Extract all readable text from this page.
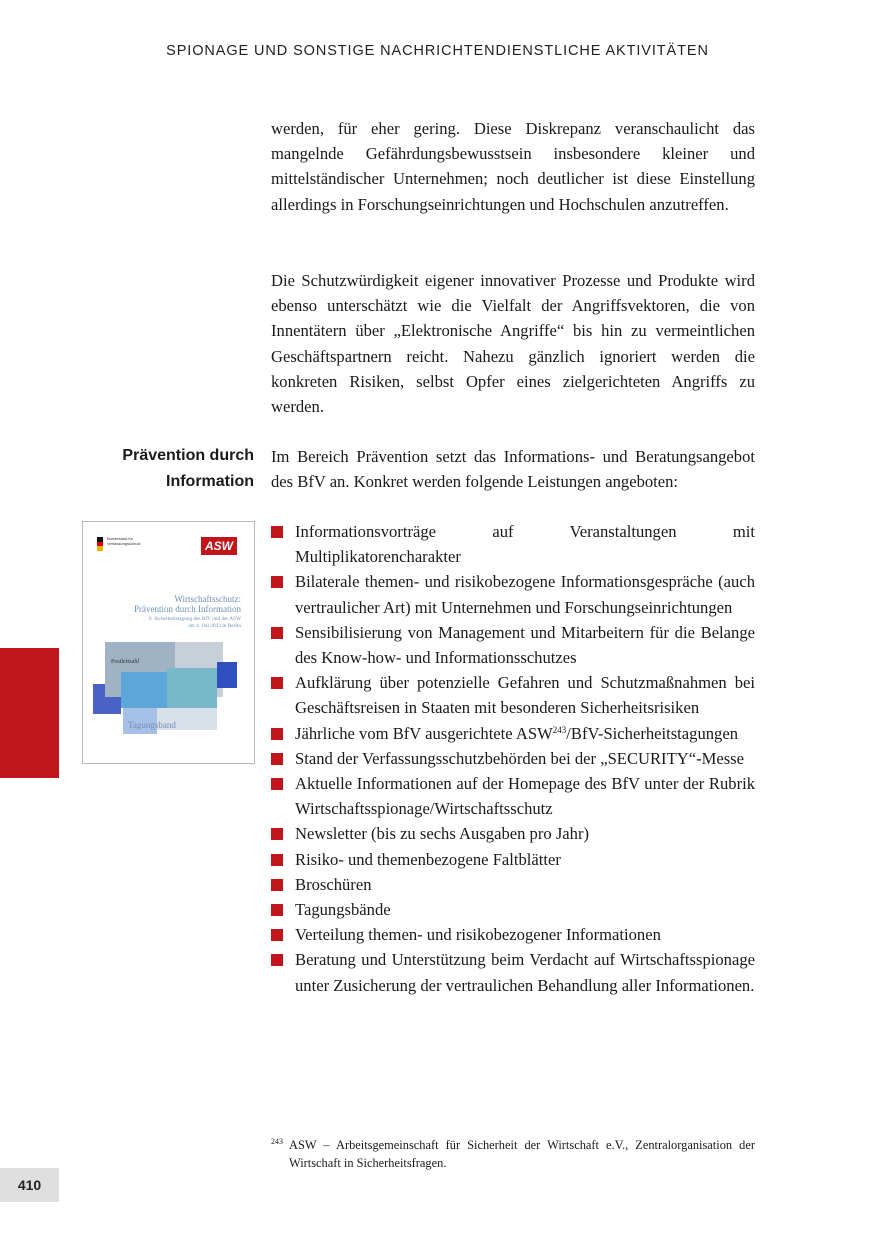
SPIONAGE UND SONSTIGE NACHRICHTENDIENSTLICHE AKTIVITÄTEN

werden, für eher gering. Diese Diskrepanz veranschaulicht das mangelnde Gefährdungsbewusstsein insbesondere kleiner und mittelständischer Unternehmen; noch deutlicher ist diese Einstellung allerdings in Forschungseinrichtungen und Hochschulen anzutreffen.

Die Schutzwürdigkeit eigener innovativer Prozesse und Produkte wird ebenso unterschätzt wie die Vielfalt der Angriffsvektoren, die von Innentätern über „Elektronische Angriffe“ bis hin zu vermeintlichen Geschäftspartnern reicht. Nahezu gänzlich ignoriert werden die konkreten Risiken, selbst Opfer eines zielgerichteten Angriffs zu werden.

Prävention durch
Information

Im Bereich Prävention setzt das Informations- und Beratungsangebot des BfV an. Konkret werden folgende Leistungen angeboten:

Informationsvorträge auf Veranstaltungen mit Multiplikatorencharakter
Bilaterale themen- und risikobezogene Informationsgespräche (auch vertraulicher Art) mit Unternehmen und Forschungseinrichtungen
Sensibilisierung von Management und Mitarbeitern für die Belange des Know-how- und Informationsschutzes
Aufklärung über potenzielle Gefahren und Schutzmaßnahmen bei Geschäftsreisen in Staaten mit besonderen Sicherheitsrisiken
Jährliche vom BfV ausgerichtete ASW$^{243}$/BfV-Sicherheitstagungen
Stand der Verfassungsschutzbehörden bei der „SECURITY“-Messe
Aktuelle Informationen auf der Homepage des BfV unter der Rubrik Wirtschaftsspionage/Wirtschaftsschutz
Newsletter (bis zu sechs Ausgaben pro Jahr)
Risiko- und themenbezogene Faltblätter
Broschüren
Tagungsbände
Verteilung themen- und risikobezogener Informationen
Beratung und Unterstützung beim Verdacht auf Wirtschaftsspionage unter Zusicherung der vertraulichen Behandlung aller Informationen.
243 ASW – Arbeitsgemeinschaft für Sicherheit der Wirtschaft e.V., Zentralorganisation der Wirtschaft in Sicherheitsfragen.
Bundesamt für
Verfassungsschutz	ASW
Wirtschaftsschutz:
Prävention durch Information
6. Sicherheitstagung des BfV und der ASW
am 4. Juli 2012 in Berlin
Postleitzahl
Tagungsband
410
